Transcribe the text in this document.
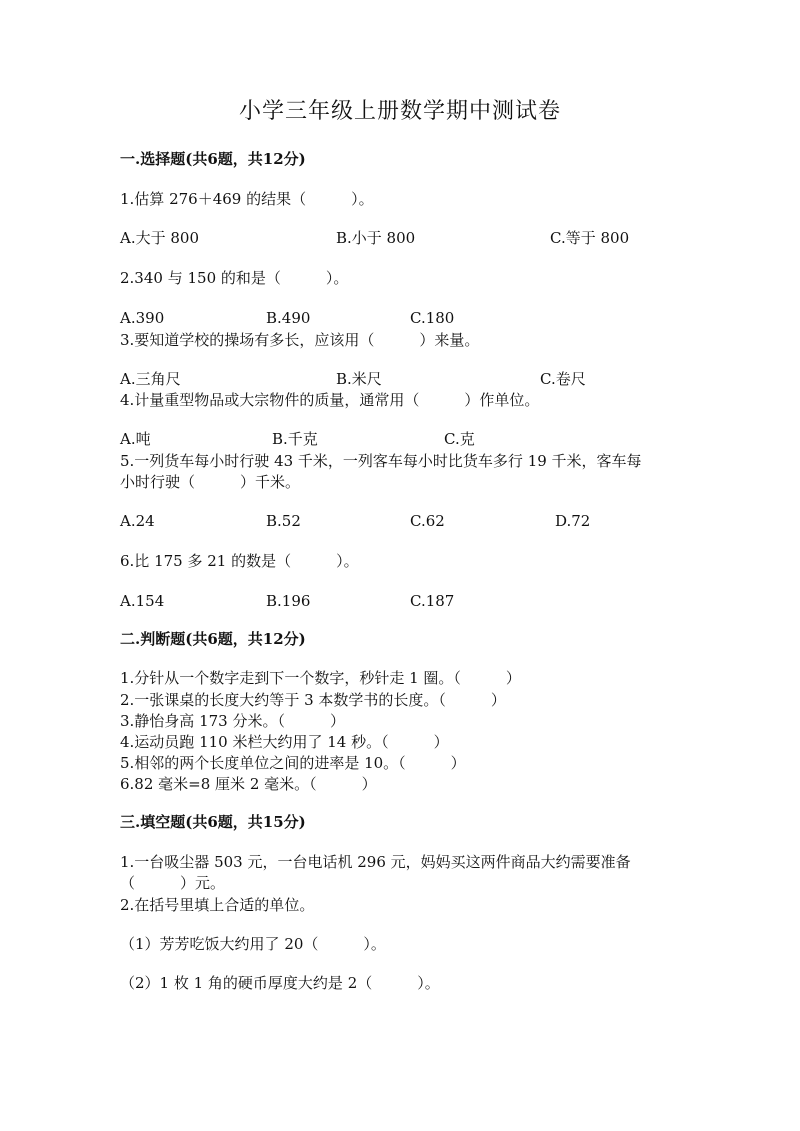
小学三年级上册数学期中测试卷
一.选择题(共6题，共12分)
1.估算 276＋469 的结果（　　　）。
A.大于 800	B.小于 800	C.等于 800
2.340 与 150 的和是（　　　）。
A.390	B.490	C.180
3.要知道学校的操场有多长，应该用（　　　）来量。
A.三角尺	B.米尺	C.卷尺
4.计量重型物品或大宗物件的质量，通常用（　　　）作单位。
A.吨	B.千克	C.克
5.一列货车每小时行驶 43 千米，一列客车每小时比货车多行 19 千米，客车每
小时行驶（　　　）千米。
A.24	B.52	C.62	D.72
6.比 175 多 21 的数是（　　　）。
A.154	B.196	C.187
二.判断题(共6题，共12分)
1.分针从一个数字走到下一个数字，秒针走 1 圈。（　　　）
2.一张课桌的长度大约等于 3 本数学书的长度。（　　　）
3.静怡身高 173 分米。（　　　）
4.运动员跑 110 米栏大约用了 14 秒。（　　　）
5.相邻的两个长度单位之间的进率是 10。（　　　）
6.82 毫米=8 厘米 2 毫米。（　　　）
三.填空题(共6题，共15分)
1.一台吸尘器 503 元，一台电话机 296 元，妈妈买这两件商品大约需要准备
（　　　）元。
2.在括号里填上合适的单位。
（1）芳芳吃饭大约用了 20（　　　）。
（2）1 枚 1 角的硬币厚度大约是 2（　　　）。
